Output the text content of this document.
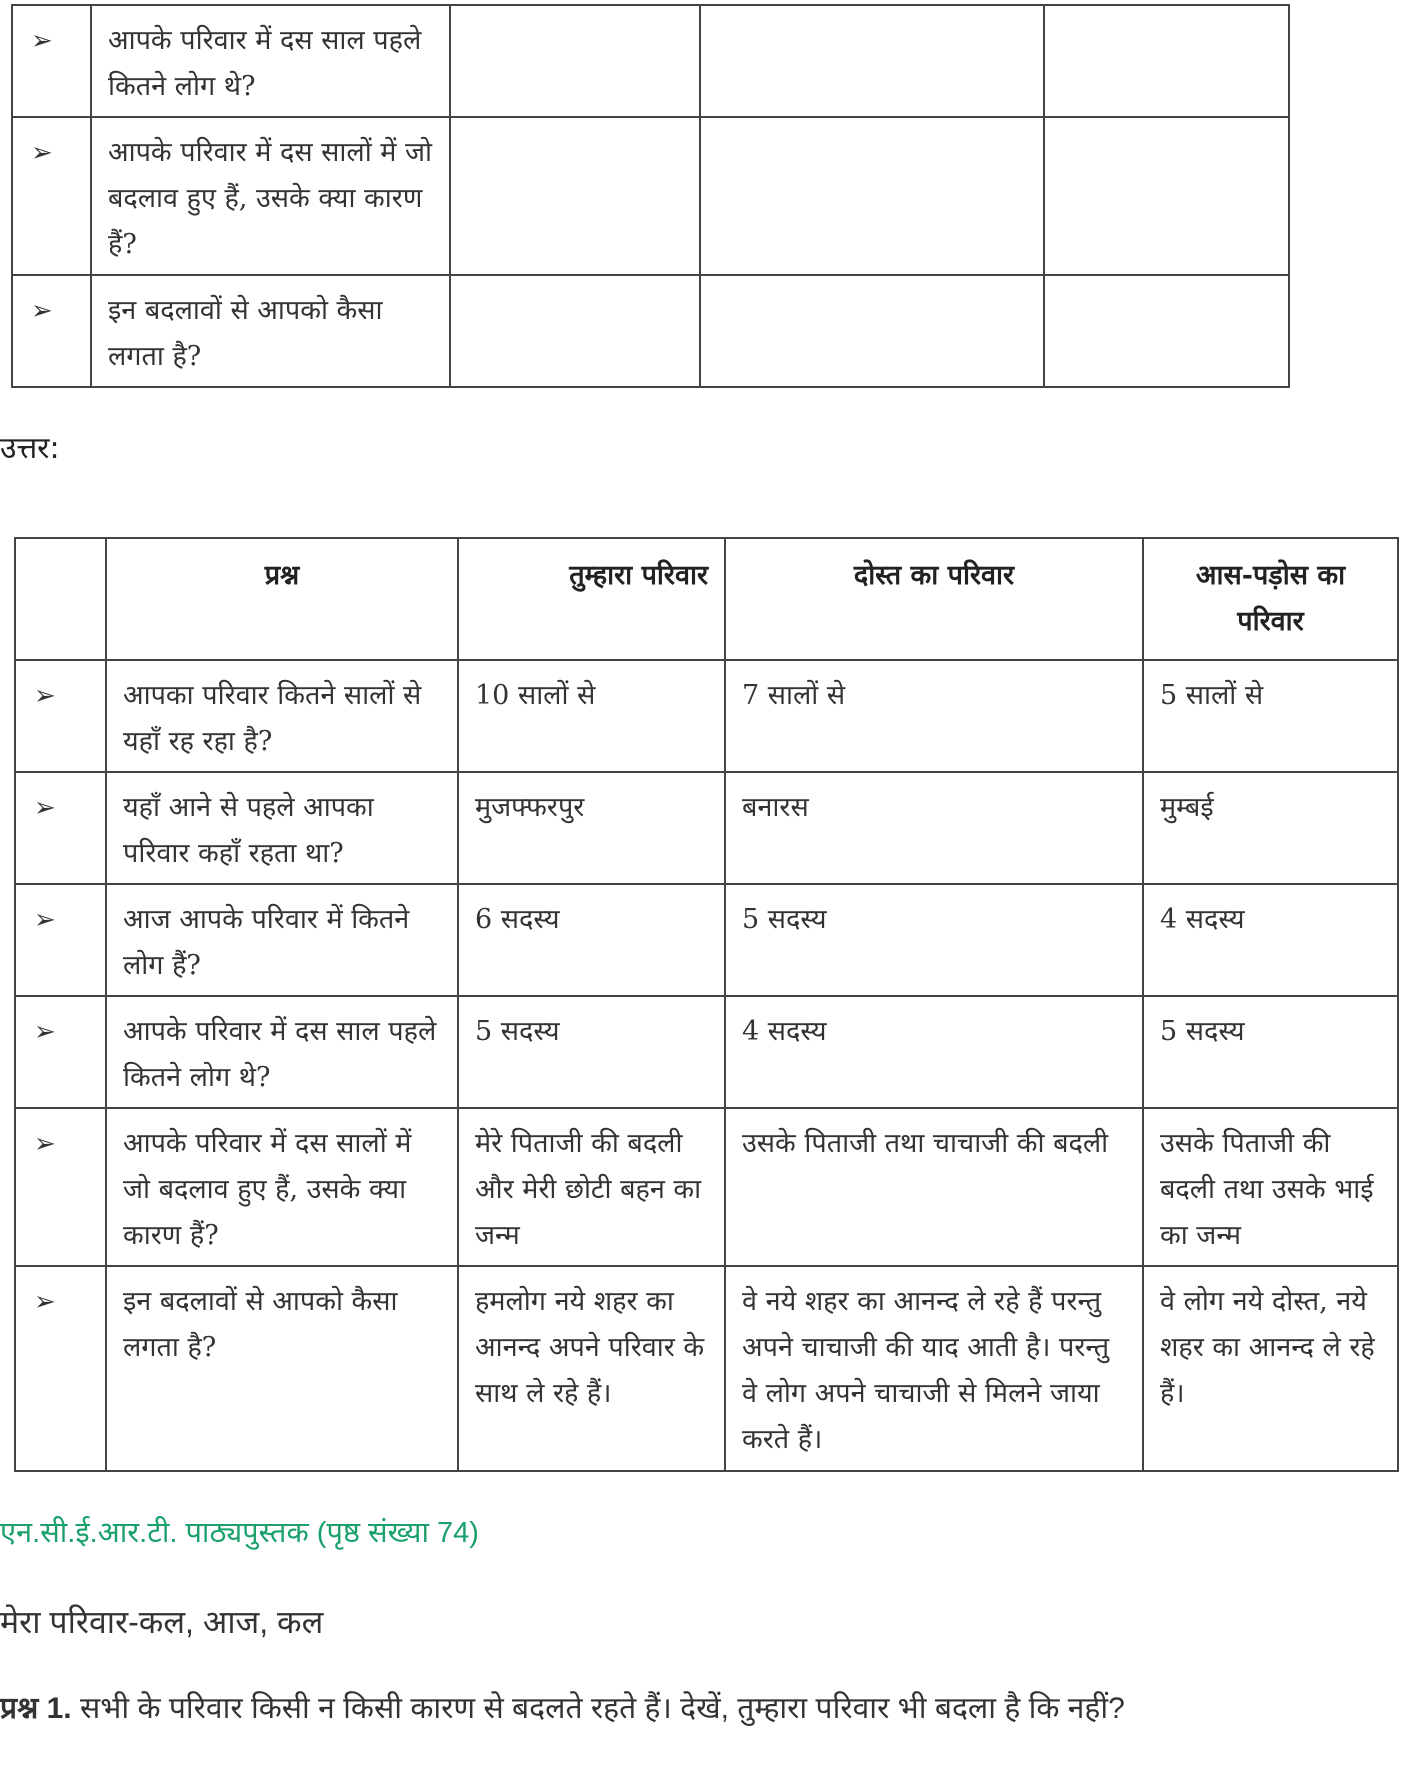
➢	आपके परिवार में दस साल पहले कितने लोग थे?			
➢	आपके परिवार में दस सालों में जो बदलाव हुए हैं, उसके क्या कारण हैं?			
➢	इन बदलावों से आपको कैसा लगता है?			
उत्तर:
	प्रश्न	तुम्हारा परिवार	दोस्त का परिवार	आस-पड़ोस का परिवार
➢	आपका परिवार कितने सालों से यहाँ रह रहा है?	10 सालों से	7 सालों से	5 सालों से
➢	यहाँ आने से पहले आपका परिवार कहाँ रहता था?	मुजफ्फरपुर	बनारस	मुम्बई
➢	आज आपके परिवार में कितने लोग हैं?	6 सदस्य	5 सदस्य	4 सदस्य
➢	आपके परिवार में दस साल पहले कितने लोग थे?	5 सदस्य	4 सदस्य	5 सदस्य
➢	आपके परिवार में दस सालों में जो बदलाव हुए हैं, उसके क्या कारण हैं?	मेरे पिताजी की बदली और मेरी छोटी बहन का जन्म	उसके पिताजी तथा चाचाजी की बदली	उसके पिताजी की बदली तथा उसके भाई का जन्म
➢	इन बदलावों से आपको कैसा लगता है?	हमलोग नये शहर का आनन्द अपने परिवार के साथ ले रहे हैं।	वे नये शहर का आनन्द ले रहे हैं परन्तु अपने चाचाजी की याद आती है। परन्तु वे लोग अपने चाचाजी से मिलने जाया करते हैं।	वे लोग नये दोस्त, नये शहर का आनन्द ले रहे हैं।
एन.सी.ई.आर.टी. पाठ्यपुस्तक (पृष्ठ संख्या 74)
मेरा परिवार-कल, आज, कल
प्रश्न 1. सभी के परिवार किसी न किसी कारण से बदलते रहते हैं। देखें, तुम्हारा परिवार भी बदला है कि नहीं?
